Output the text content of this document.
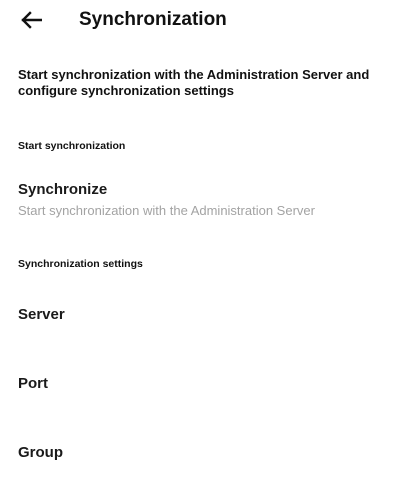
Synchronization
Start synchronization with the Administration Server and configure synchronization settings
Start synchronization
Synchronize
Start synchronization with the Administration Server
Synchronization settings
Server
Port
Group
